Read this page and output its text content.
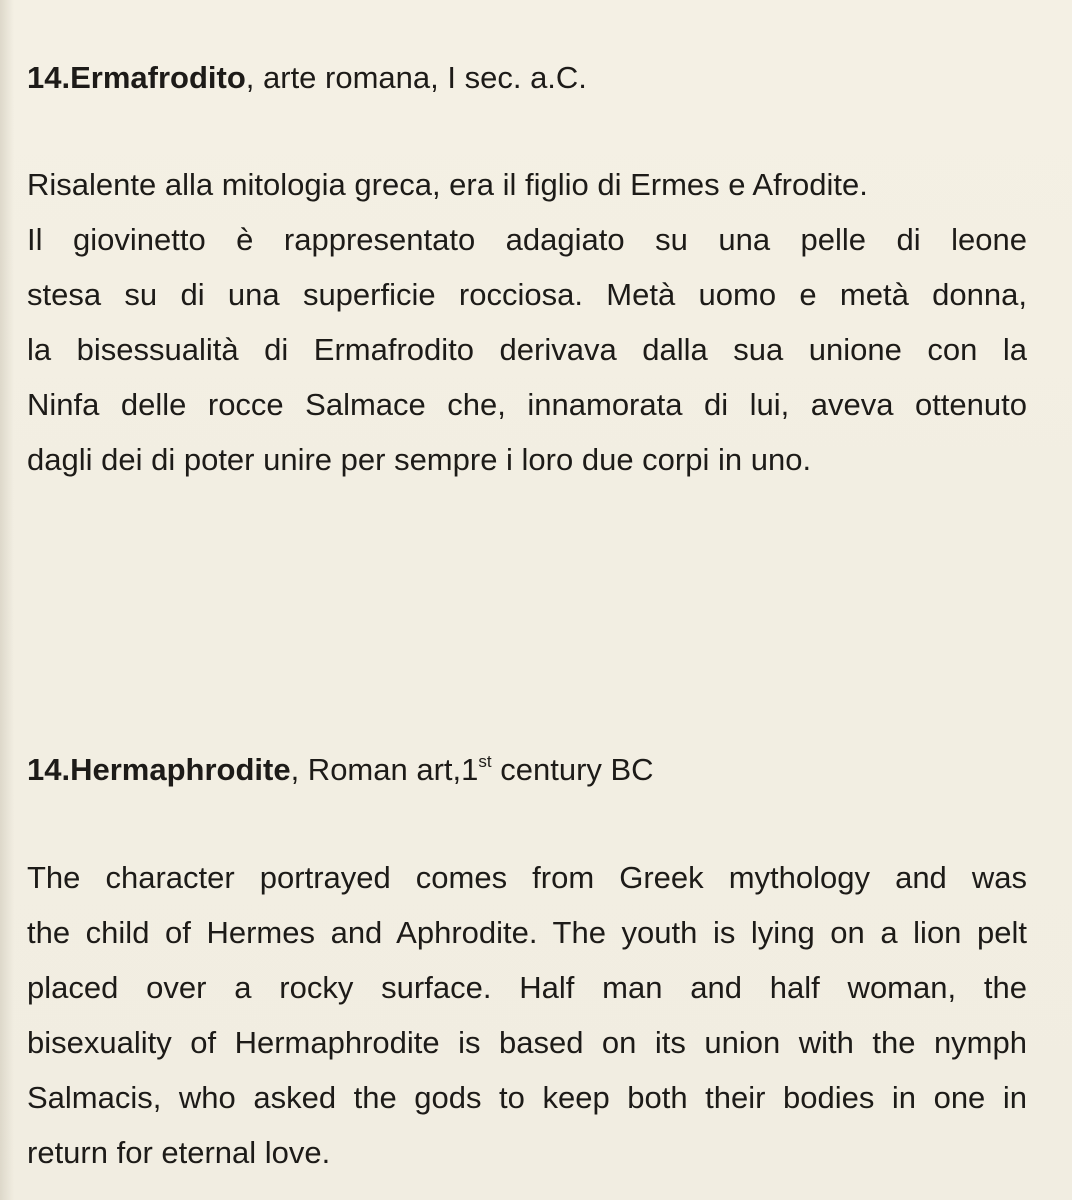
14.Ermafrodito, arte romana, I sec. a.C.
Risalente alla mitologia greca, era il figlio di Ermes e Afrodite.
Il giovinetto è rappresentato adagiato su una pelle di leone
stesa su di una superficie rocciosa. Metà uomo e metà donna,
la bisessualità di Ermafrodito derivava dalla sua unione con la
Ninfa delle rocce Salmace che, innamorata di lui, aveva ottenuto
dagli dei di poter unire per sempre i loro due corpi in uno.
14.Hermaphrodite, Roman art,1st century BC
The character portrayed comes from Greek mythology and was
the child of Hermes and Aphrodite. The youth is lying on a lion pelt
placed over a rocky surface. Half man and half woman, the
bisexuality of Hermaphrodite is based on its union with the nymph
Salmacis, who asked the gods to keep both their bodies in one in
return for eternal love.
